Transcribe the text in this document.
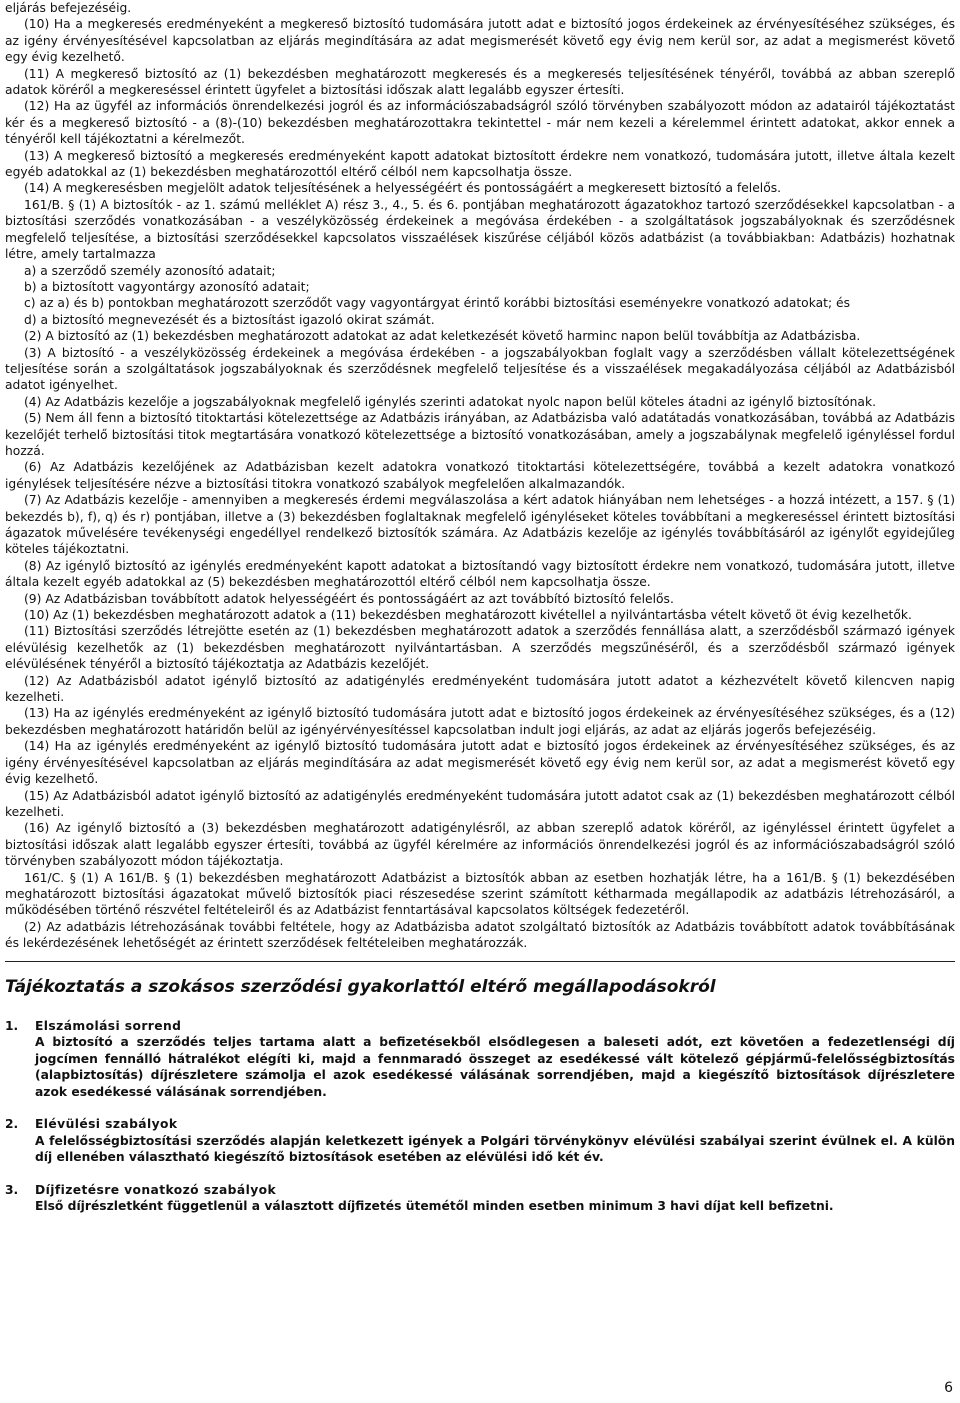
eljárás befejezéséig.

(10) Ha a megkeresés eredményeként a megkereső biztosító tudomására jutott adat e biztosító jogos érdekeinek az érvényesítéséhez szükséges, és az igény érvényesítésével kapcsolatban az eljárás megindítására az adat megismerését követő egy évig nem kerül sor, az adat a megismerést követő egy évig kezelhető.

(11) A megkereső biztosító az (1) bekezdésben meghatározott megkeresés és a megkeresés teljesítésének tényéről, továbbá az abban szereplő adatok köréről a megkereséssel érintett ügyfelet a biztosítási időszak alatt legalább egyszer értesíti.

(12) Ha az ügyfél az információs önrendelkezési jogról és az információszabadságról szóló törvényben szabályozott módon az adatairól tájékoztatást kér és a megkereső biztosító - a (8)-(10) bekezdésben meghatározottakra tekintettel - már nem kezeli a kérelemmel érintett adatokat, akkor ennek a tényéről kell tájékoztatni a kérelmezőt.

(13) A megkereső biztosító a megkeresés eredményeként kapott adatokat biztosított érdekre nem vonatkozó, tudomására jutott, illetve általa kezelt egyéb adatokkal az (1) bekezdésben meghatározottól eltérő célból nem kapcsolhatja össze.

(14) A megkeresésben megjelölt adatok teljesítésének a helyességéért és pontosságáért a megkeresett biztosító a felelős.

161/B. § (1) A biztosítók - az 1. számú melléklet A) rész 3., 4., 5. és 6. pontjában meghatározott ágazatokhoz tartozó szerződésekkel kapcsolatban - a biztosítási szerződés vonatkozásában - a veszélyközösség érdekeinek a megóvása érdekében - a szolgáltatások jogszabályoknak és szerződésnek megfelelő teljesítése, a biztosítási szerződésekkel kapcsolatos visszaélések kiszűrése céljából közös adatbázist (a továbbiakban: Adatbázis) hozhatnak létre, amely tartalmazza

a) a szerződő személy azonosító adatait;

b) a biztosított vagyontárgy azonosító adatait;

c) az a) és b) pontokban meghatározott szerződőt vagy vagyontárgyat érintő korábbi biztosítási eseményekre vonatkozó adatokat; és

d) a biztosító megnevezését és a biztosítást igazoló okirat számát.

(2) A biztosító az (1) bekezdésben meghatározott adatokat az adat keletkezését követő harminc napon belül továbbítja az Adatbázisba.

(3) A biztosító - a veszélyközösség érdekeinek a megóvása érdekében - a jogszabályokban foglalt vagy a szerződésben vállalt kötelezettségének teljesítése során a szolgáltatások jogszabályoknak és szerződésnek megfelelő teljesítése és a visszaélések megakadályozása céljából az Adatbázisból adatot igényelhet.

(4) Az Adatbázis kezelője a jogszabályoknak megfelelő igénylés szerinti adatokat nyolc napon belül köteles átadni az igénylő biztosítónak.

(5) Nem áll fenn a biztosító titoktartási kötelezettsége az Adatbázis irányában, az Adatbázisba való adatátadás vonatkozásában, továbbá az Adatbázis kezelőjét terhelő biztosítási titok megtartására vonatkozó kötelezettsége a biztosító vonatkozásában, amely a jogszabálynak megfelelő igényléssel fordul hozzá.

(6) Az Adatbázis kezelőjének az Adatbázisban kezelt adatokra vonatkozó titoktartási kötelezettségére, továbbá a kezelt adatokra vonatkozó igénylések teljesítésére nézve a biztosítási titokra vonatkozó szabályok megfelelően alkalmazandók.

(7) Az Adatbázis kezelője - amennyiben a megkeresés érdemi megválaszolása a kért adatok hiányában nem lehetséges - a hozzá intézett, a 157. § (1) bekezdés b), f), q) és r) pontjában, illetve a (3) bekezdésben foglaltaknak megfelelő igényléseket köteles továbbítani a megkereséssel érintett biztosítási ágazatok művelésére tevékenységi engedéllyel rendelkező biztosítók számára. Az Adatbázis kezelője az igénylés továbbításáról az igénylőt egyidejűleg köteles tájékoztatni.

(8) Az igénylő biztosító az igénylés eredményeként kapott adatokat a biztosítandó vagy biztosított érdekre nem vonatkozó, tudomására jutott, illetve általa kezelt egyéb adatokkal az (5) bekezdésben meghatározottól eltérő célból nem kapcsolhatja össze.

(9) Az Adatbázisban továbbított adatok helyességéért és pontosságáért az azt továbbító biztosító felelős.

(10) Az (1) bekezdésben meghatározott adatok a (11) bekezdésben meghatározott kivétellel a nyilvántartásba vételt követő öt évig kezelhetők.

(11) Biztosítási szerződés létrejötte esetén az (1) bekezdésben meghatározott adatok a szerződés fennállása alatt, a szerződésből származó igények elévülésig kezelhetők az (1) bekezdésben meghatározott nyilvántartásban. A szerződés megszűnéséről, és a szerződésből származó igények elévülésének tényéről a biztosító tájékoztatja az Adatbázis kezelőjét.

(12) Az Adatbázisból adatot igénylő biztosító az adatigénylés eredményeként tudomására jutott adatot a kézhezvételt követő kilencven napig kezelheti.

(13) Ha az igénylés eredményeként az igénylő biztosító tudomására jutott adat e biztosító jogos érdekeinek az érvényesítéséhez szükséges, és a (12) bekezdésben meghatározott határidőn belül az igényérvényesítéssel kapcsolatban indult jogi eljárás, az adat az eljárás jogerős befejezéséig.

(14) Ha az igénylés eredményeként az igénylő biztosító tudomására jutott adat e biztosító jogos érdekeinek az érvényesítéséhez szükséges, és az igény érvényesítésével kapcsolatban az eljárás megindítására az adat megismerését követő egy évig nem kerül sor, az adat a megismerést követő egy évig kezelhető.

(15) Az Adatbázisból adatot igénylő biztosító az adatigénylés eredményeként tudomására jutott adatot csak az (1) bekezdésben meghatározott célból kezelheti.

(16) Az igénylő biztosító a (3) bekezdésben meghatározott adatigénylésről, az abban szereplő adatok köréről, az igényléssel érintett ügyfelet a biztosítási időszak alatt legalább egyszer értesíti, továbbá az ügyfél kérelmére az információs önrendelkezési jogról és az információszabadságról szóló törvényben szabályozott módon tájékoztatja.

161/C. § (1) A 161/B. § (1) bekezdésben meghatározott Adatbázist a biztosítók abban az esetben hozhatják létre, ha a 161/B. § (1) bekezdésében meghatározott biztosítási ágazatokat művelő biztosítók piaci részesedése szerint számított kétharmada megállapodik az adatbázis létrehozásáról, a működésében történő részvétel feltételeiről és az Adatbázist fenntartásával kapcsolatos költségek fedezetéről.

(2) Az adatbázis létrehozásának további feltétele, hogy az Adatbázisba adatot szolgáltató biztosítók az Adatbázis továbbított adatok továbbításának és lekérdezésének lehetőségét az érintett szerződések feltételeiben meghatározzák.

Tájékoztatás a szokásos szerződési gyakorlattól eltérő megállapodásokról
1.	Elszámolási sorrend
A biztosító a szerződés teljes tartama alatt a befizetésekből elsődlegesen a baleseti adót, ezt követően a fedezetlenségi díj jogcímen fennálló hátralékot elégíti ki, majd a fennmaradó összeget az esedékessé vált kötelező gépjármű-felelősségbiztosítás (alapbiztosítás) díjrészletere számolja el azok esedékessé válásának sorrendjében, majd a kiegészítő biztosítások díjrészletere azok esedékessé válásának sorrendjében.
2.	Elévülési szabályok
A felelősségbiztosítási szerződés alapján keletkezett igények a Polgári törvénykönyv elévülési szabályai szerint évülnek el. A külön díj ellenében választható kiegészítő biztosítások esetében az elévülési idő két év.
3.	Díjfizetésre vonatkozó szabályok
Első díjrészletként függetlenül a választott díjfizetés ütemétől minden esetben minimum 3 havi díjat kell befizetni.
6
